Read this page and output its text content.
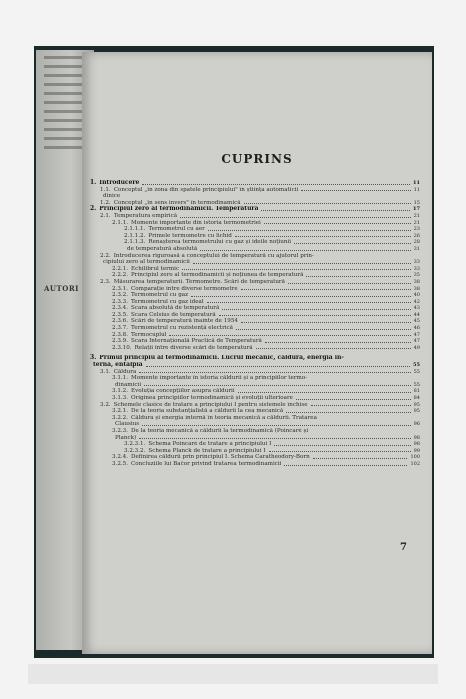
AUTORI
CUPRINS
1. Introducere	11
1.1. Conceptul „în zona din spatele principiului" în știința automaticii	11
dinice
1.2. Conceptul „în sens invers" în termodinamică	15
2. Principiul zero al termodinamicii. Temperatura	17
2.1. Temperatura empirică	21
2.1.1. Momente importante din istoria termometriei	21
2.1.1.1. Termometrul cu aer	23
2.1.1.2. Primele termometre cu lichid	26
2.1.1.3. Renașterea termometrului cu gaz și ideile noțiunii	28
de temperatură absolută	31
2.2. Introducerea riguroasă a conceptului de temperatură cu ajutorul prin-
cipiului zero al termodinamicii	33
2.2.1. Echilibrul termic	33
2.2.2. Principiul zero al termodinamicii și noțiunea de temperatură	35
2.3. Măsurarea temperaturii. Termometre. Scări de temperatură	38
2.3.1. Comparație între diverse termometre	38
2.3.2. Termometrul cu gaz	40
2.3.3. Termometrul cu gaz ideal	42
2.3.4. Scara absolută de temperatură	43
2.3.5. Scara Celsius de temperatură	44
2.3.6. Scări de temperatură înainte de 1954	45
2.3.7. Termometrul cu rezistență electrică	46
2.3.8. Termocuplul	47
2.3.9. Scara Internațională Practică de Temperatură	47
2.3.10. Relații între diverse scări de temperatură	49
3. Primul principiu al termodinamicii. Lucrul mecanic, căldura, energia in-
ternă, entalpia	55
3.1. Căldura	55
3.1.1. Momente importante în istoria căldurii și a principiilor termo-
dinamicii	55
3.1.2. Evoluția concepțiilor asupra căldurii	81
3.1.3. Originea principiilor termodinamicii și evoluții ulterioare	84
3.2. Schemele clasice de tratare a principiului I pentru sistemele închise	95
3.2.1. De la teoria substanțialistă a căldurii la cea mecanică	95
3.2.2. Căldura și energia internă în teoria mecanică a căldurii. Tratarea
Clausius	96
3.2.3. De la teoria mecanică a căldurii la termodinamică (Poincaré și
Planck)	98
3.2.3.1. Schema Poincaré de tratare a principiului I	98
3.2.3.2. Schema Planck de tratare a principiului I	99
3.2.4. Definirea căldurii prin principiul I. Schema Carathéodory-Born	100
3.2.5. Concluziile lui Bačor privind tratarea termodinamicii	102
7
